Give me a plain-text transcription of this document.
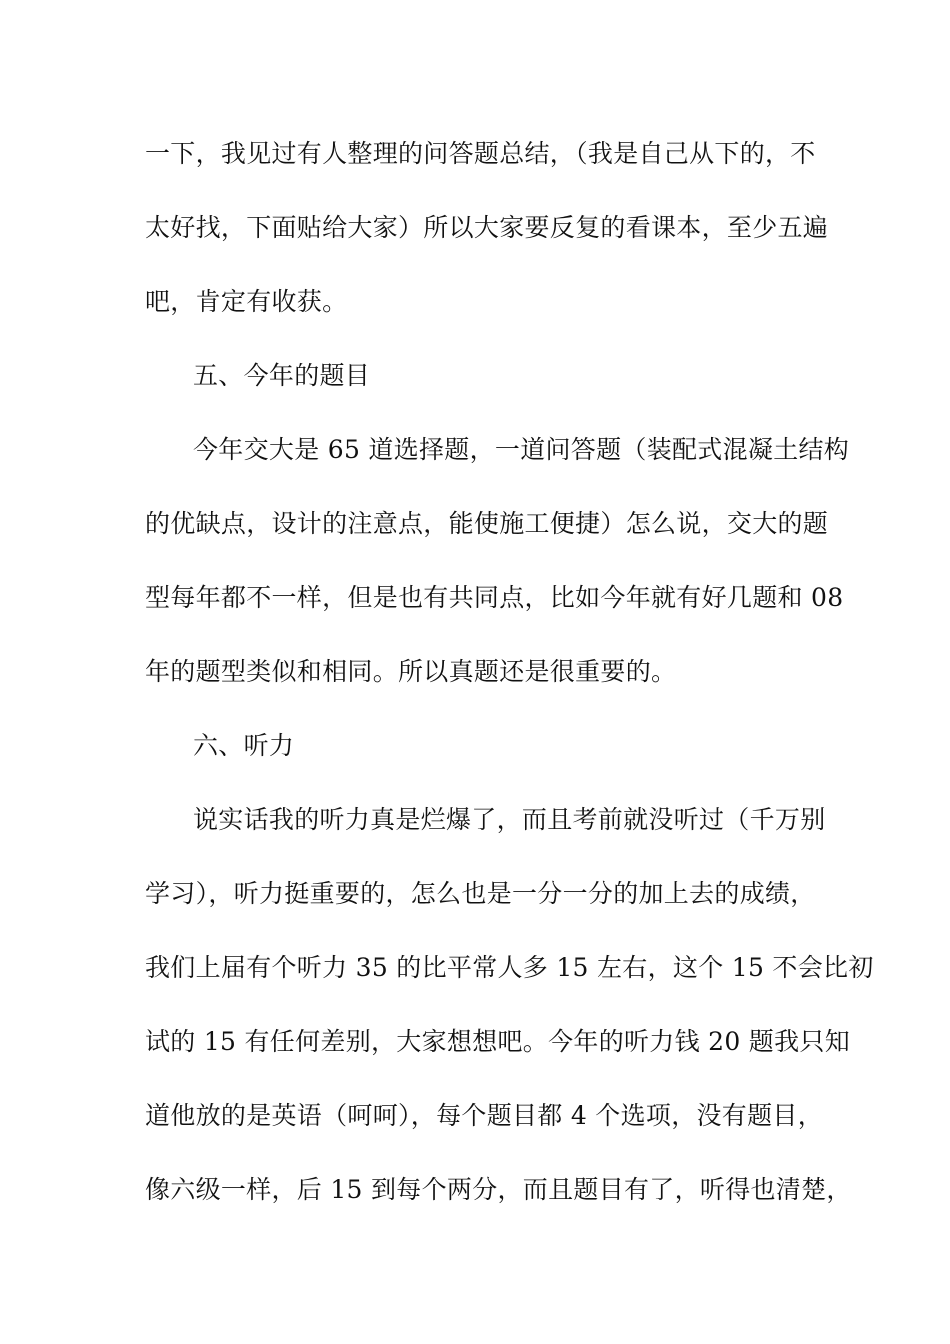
一下，我见过有人整理的问答题总结，（我是自己从下的，不
太好找，下面贴给大家）所以大家要反复的看课本，至少五遍
吧，肯定有收获。
五、今年的题目
今年交大是 65 道选择题，一道问答题（装配式混凝土结构
的优缺点，设计的注意点，能使施工便捷）怎么说，交大的题
型每年都不一样，但是也有共同点，比如今年就有好几题和 08
年的题型类似和相同。所以真题还是很重要的。
六、听力
说实话我的听力真是烂爆了，而且考前就没听过（千万别
学习），听力挺重要的，怎么也是一分一分的加上去的成绩，
我们上届有个听力 35 的比平常人多 15 左右，这个 15 不会比初
试的 15 有任何差别，大家想想吧。今年的听力钱 20 题我只知
道他放的是英语（呵呵），每个题目都 4 个选项，没有题目，
像六级一样，后 15 到每个两分，而且题目有了，听得也清楚，
